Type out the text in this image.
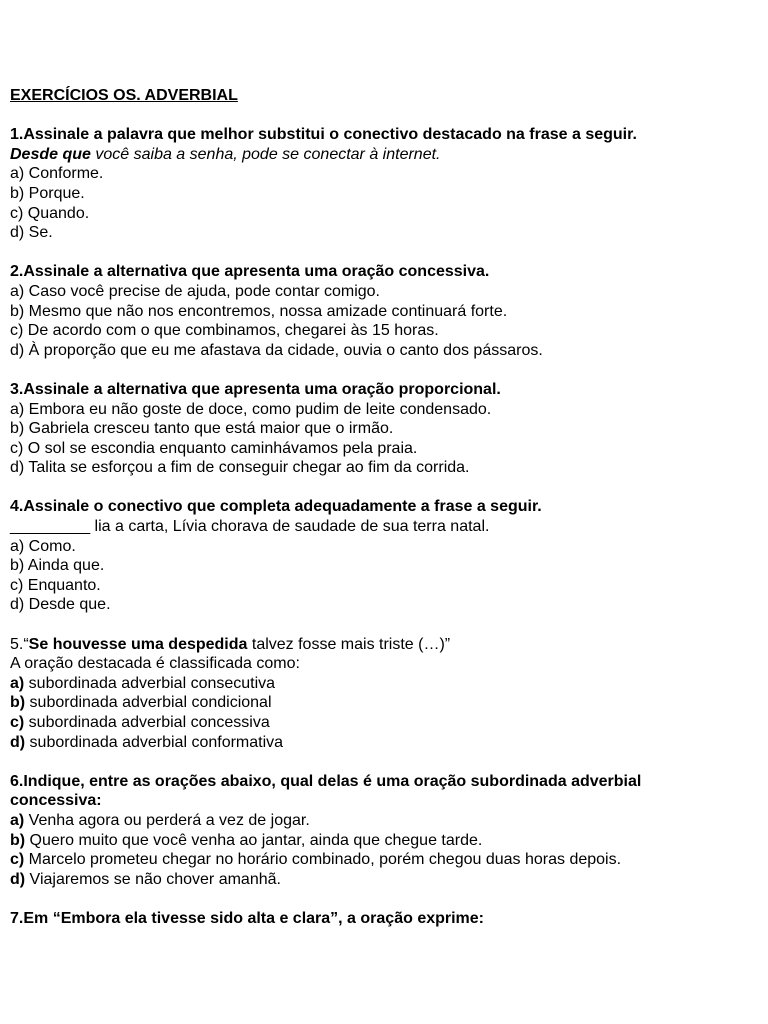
EXERCÍCIOS OS. ADVERBIAL

1.Assinale a palavra que melhor substitui o conectivo destacado na frase a seguir.

Desde que você saiba a senha, pode se conectar à internet.

a) Conforme.

b) Porque.

c) Quando.

d) Se.

2.Assinale a alternativa que apresenta uma oração concessiva.

a) Caso você precise de ajuda, pode contar comigo.

b) Mesmo que não nos encontremos, nossa amizade continuará forte.

c) De acordo com o que combinamos, chegarei às 15 horas.

d) À proporção que eu me afastava da cidade, ouvia o canto dos pássaros.

3.Assinale a alternativa que apresenta uma oração proporcional.

a) Embora eu não goste de doce, como pudim de leite condensado.

b) Gabriela cresceu tanto que está maior que o irmão.

c) O sol se escondia enquanto caminhávamos pela praia.

d) Talita se esforçou a fim de conseguir chegar ao fim da corrida.

4.Assinale o conectivo que completa adequadamente a frase a seguir.

_________ lia a carta, Lívia chorava de saudade de sua terra natal.

a) Como.

b) Ainda que.

c) Enquanto.

d) Desde que.

5.“Se houvesse uma despedida talvez fosse mais triste (…)”

A oração destacada é classificada como:

a) subordinada adverbial consecutiva

b) subordinada adverbial condicional

c) subordinada adverbial concessiva

d) subordinada adverbial conformativa

6.Indique, entre as orações abaixo, qual delas é uma oração subordinada adverbial

concessiva:

a) Venha agora ou perderá a vez de jogar.

b) Quero muito que você venha ao jantar, ainda que chegue tarde.

c) Marcelo prometeu chegar no horário combinado, porém chegou duas horas depois.

d) Viajaremos se não chover amanhã.

7.Em “Embora ela tivesse sido alta e clara”, a oração exprime:
